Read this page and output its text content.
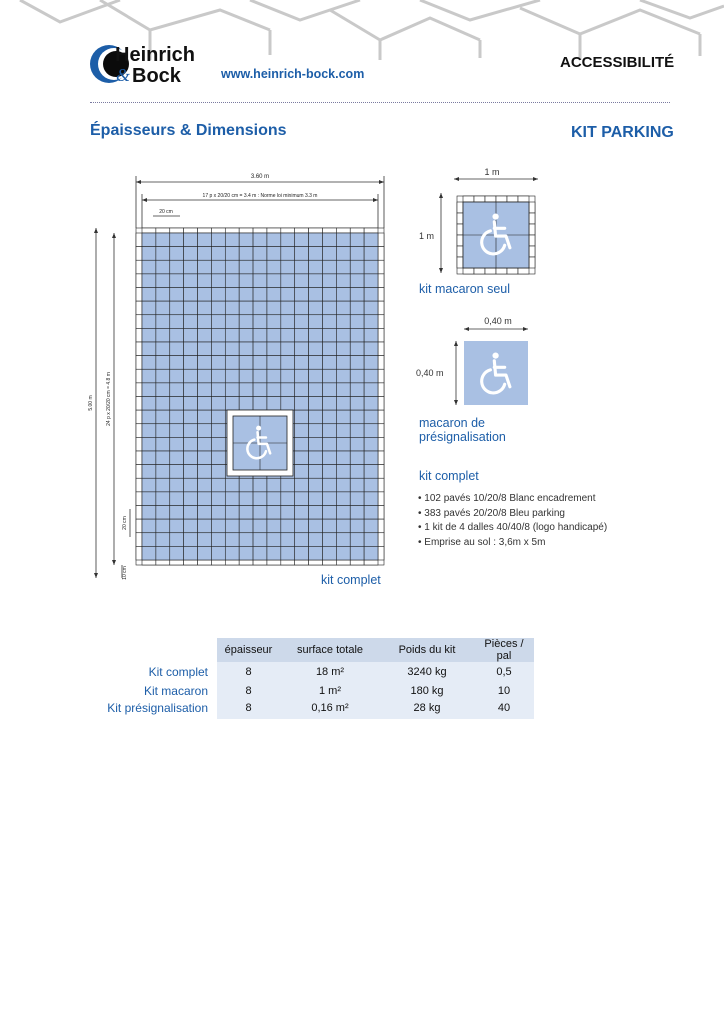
Heinrich
& Bock	www.heinrich-bock.com
ACCESSIBILITÉ
Épaisseurs & Dimensions	KIT PARKING
3.60 m
17 p x 20/20 cm = 3.4 m : Norme loi minimum 3.3 m
20 cm
5.00 m 24 p x 20/20 cm = 4.8 m
20 cm
10 cm	kit complet
1 m
1 m
kit macaron seul
0,40 m
0,40 m
macaron de
présignalisation
kit complet
• 102 pavés 10/20/8 Blanc encadrement
• 383 pavés 20/20/8 Bleu parking
• 1 kit de 4 dalles 40/40/8 (logo handicapé)
• Emprise au sol : 3,6m x 5m
	épaisseur	surface totale	Poids du kit	Pièces / pal
Kit complet	8	18 m²	3240 kg	0,5
Kit macaron	8	1 m²	180 kg	10
Kit présignalisation	8	0,16 m²	28 kg	40
